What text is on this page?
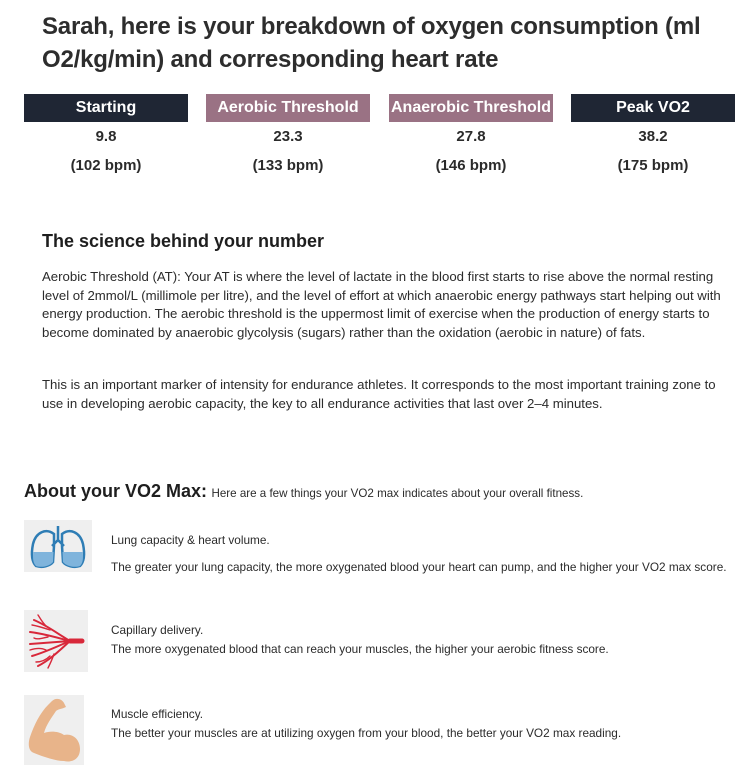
Sarah, here is your breakdown of oxygen consumption (ml O2/kg/min) and corresponding heart rate
Starting
9.8
(102 bpm)
Aerobic Threshold
23.3
(133 bpm)
Anaerobic Threshold
27.8
(146 bpm)
Peak VO2
38.2
(175 bpm)
The science behind your number

Aerobic Threshold (AT): Your AT is where the level of lactate in the blood first starts to rise above the normal resting level of 2mmol/L (millimole per litre), and the level of effort at which anaerobic energy pathways start helping out with energy production. The aerobic threshold is the uppermost limit of exercise when the production of energy starts to become dominated by anaerobic glycolysis (sugars) rather than the oxidation (aerobic in nature) of fats.

This is an important marker of intensity for endurance athletes. It corresponds to the most important training zone to use in developing aerobic capacity, the key to all endurance activities that last over 2–4 minutes.

About your VO2 Max: Here are a few things your VO2 max indicates about your overall fitness.

Lung capacity & heart volume.

The greater your lung capacity, the more oxygenated blood your heart can pump, and the higher your VO2 max score.

Capillary delivery.

The more oxygenated blood that can reach your muscles, the higher your aerobic fitness score.

Muscle efficiency.

The better your muscles are at utilizing oxygen from your blood, the better your VO2 max reading.
